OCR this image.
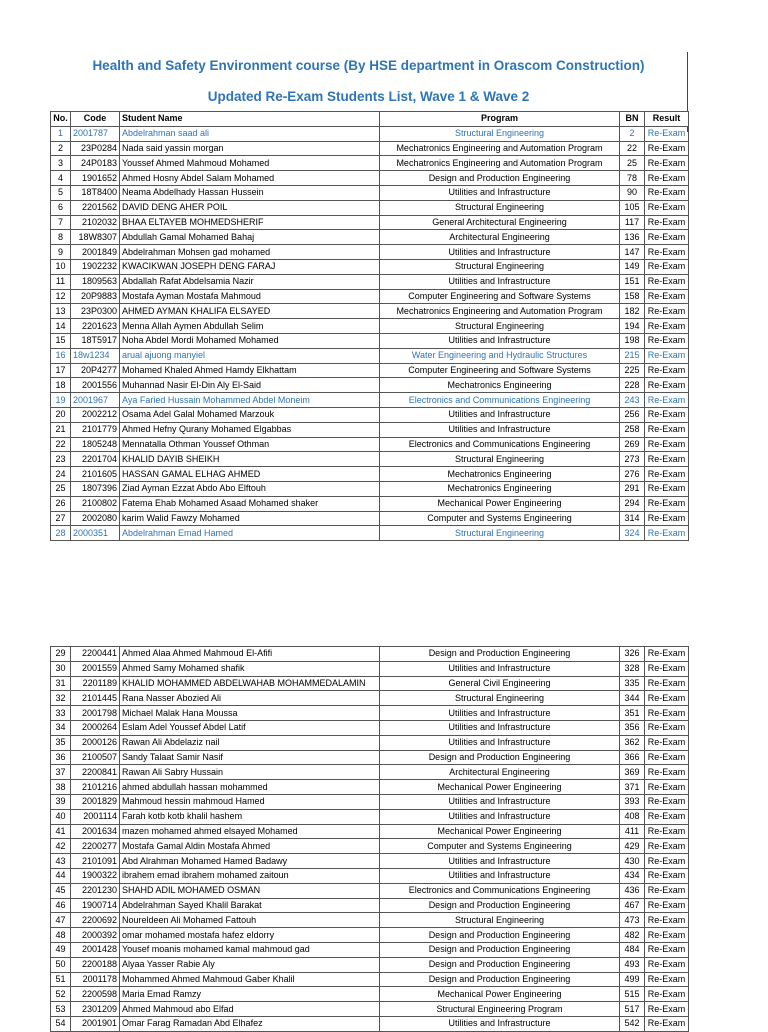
Health and Safety Environment course (By HSE department in Orascom Construction)
Updated Re-Exam Students List, Wave 1 & Wave 2
No.	Code	Student Name	Program	BN	Result
1	2001787	Abdelrahman saad ali	Structural Engineering	2	Re-Exam
2	23P0284	Nada said yassin morgan	Mechatronics Engineering and Automation Program	22	Re-Exam
3	24P0183	Youssef Ahmed Mahmoud Mohamed	Mechatronics Engineering and Automation Program	25	Re-Exam
4	1901652	Ahmed Hosny Abdel Salam Mohamed	Design and Production Engineering	78	Re-Exam
5	18T8400	Neama Abdelhady Hassan Hussein	Utilities and Infrastructure	90	Re-Exam
6	2201562	DAVID DENG AHER POIL	Structural Engineering	105	Re-Exam
7	2102032	BHAA ELTAYEB MOHMEDSHERIF	General Architectural Engineering	117	Re-Exam
8	18W8307	Abdullah Gamal Mohamed Bahaj	Architectural Engineering	136	Re-Exam
9	2001849	Abdelrahman Mohsen gad mohamed	Utilities and Infrastructure	147	Re-Exam
10	1902232	KWACIKWAN JOSEPH DENG FARAJ	Structural Engineering	149	Re-Exam
11	1809563	Abdallah Rafat Abdelsamia Nazir	Utilities and Infrastructure	151	Re-Exam
12	20P9883	Mostafa Ayman Mostafa Mahmoud	Computer Engineering and Software Systems	158	Re-Exam
13	23P0300	AHMED AYMAN KHALIFA ELSAYED	Mechatronics Engineering and Automation Program	182	Re-Exam
14	2201623	Menna Allah Aymen Abdullah Selim	Structural Engineering	194	Re-Exam
15	18T5917	Noha Abdel Mordi Mohamed Mohamed	Utilities and Infrastructure	198	Re-Exam
16	18w1234	arual ajuong manyiel	Water Engineering and Hydraulic Structures	215	Re-Exam
17	20P4277	Mohamed Khaled Ahmed Hamdy Elkhattam	Computer Engineering and Software Systems	225	Re-Exam
18	2001556	Muhannad Nasir El-Din Aly El-Said	Mechatronics Engineering	228	Re-Exam
19	2001967	Aya Faried Hussain Mohammed Abdel Moneim	Electronics and Communications Engineering	243	Re-Exam
20	2002212	Osama Adel Galal Mohamed Marzouk	Utilities and Infrastructure	256	Re-Exam
21	2101779	Ahmed Hefny Qurany Mohamed Elgabbas	Utilities and Infrastructure	258	Re-Exam
22	1805248	Mennatalla Othman Youssef Othman	Electronics and Communications Engineering	269	Re-Exam
23	2201704	KHALID DAYIB SHEIKH	Structural Engineering	273	Re-Exam
24	2101605	HASSAN GAMAL ELHAG AHMED	Mechatronics Engineering	276	Re-Exam
25	1807396	Ziad Ayman Ezzat Abdo Abo Elftouh	Mechatronics Engineering	291	Re-Exam
26	2100802	Fatema Ehab Mohamed Asaad Mohamed shaker	Mechanical Power Engineering	294	Re-Exam
27	2002080	karim Walid Fawzy Mohamed	Computer and Systems Engineering	314	Re-Exam
28	2000351	Abdelrahman Emad Hamed	Structural Engineering	324	Re-Exam
29	2200441	Ahmed Alaa Ahmed Mahmoud El-Afifi	Design and Production Engineering	326	Re-Exam
30	2001559	Ahmed Samy Mohamed shafik	Utilities and Infrastructure	328	Re-Exam
31	2201189	KHALID MOHAMMED ABDELWAHAB MOHAMMEDALAMIN	General Civil Engineering	335	Re-Exam
32	2101445	Rana Nasser Abozied Ali	Structural Engineering	344	Re-Exam
33	2001798	Michael Malak Hana Moussa	Utilities and Infrastructure	351	Re-Exam
34	2000264	Eslam Adel Youssef Abdel Latif	Utilities and Infrastructure	356	Re-Exam
35	2000126	Rawan Ali Abdelaziz nail	Utilities and Infrastructure	362	Re-Exam
36	2100507	Sandy Talaat Samir Nasif	Design and Production Engineering	366	Re-Exam
37	2200841	Rawan Ali Sabry Hussain	Architectural Engineering	369	Re-Exam
38	2101216	ahmed abdullah hassan mohammed	Mechanical Power Engineering	371	Re-Exam
39	2001829	Mahmoud hessin mahmoud Hamed	Utilities and Infrastructure	393	Re-Exam
40	2001114	Farah kotb kotb khalil hashem	Utilities and Infrastructure	408	Re-Exam
41	2001634	mazen mohamed ahmed elsayed Mohamed	Mechanical Power Engineering	411	Re-Exam
42	2200277	Mostafa Gamal Aldin Mostafa Ahmed	Computer and Systems Engineering	429	Re-Exam
43	2101091	Abd Alrahman Mohamed Hamed Badawy	Utilities and Infrastructure	430	Re-Exam
44	1900322	ibrahem emad ibrahem mohamed zaitoun	Utilities and Infrastructure	434	Re-Exam
45	2201230	SHAHD ADIL MOHAMED OSMAN	Electronics and Communications Engineering	436	Re-Exam
46	1900714	Abdelrahman Sayed Khalil Barakat	Design and Production Engineering	467	Re-Exam
47	2200692	Noureldeen Ali Mohamed Fattouh	Structural Engineering	473	Re-Exam
48	2000392	omar mohamed mostafa hafez eldorry	Design and Production Engineering	482	Re-Exam
49	2001428	Yousef moanis mohamed kamal mahmoud gad	Design and Production Engineering	484	Re-Exam
50	2200188	Alyaa Yasser Rabie Aly	Design and Production Engineering	493	Re-Exam
51	2001178	Mohammed Ahmed Mahmoud Gaber Khalil	Design and Production Engineering	499	Re-Exam
52	2200598	Maria Emad Ramzy	Mechanical Power Engineering	515	Re-Exam
53	2301209	Ahmed Mahmoud abo Elfad	Structural Engineering Program	517	Re-Exam
54	2001901	Omar Farag Ramadan Abd Elhafez	Utilities and Infrastructure	542	Re-Exam
